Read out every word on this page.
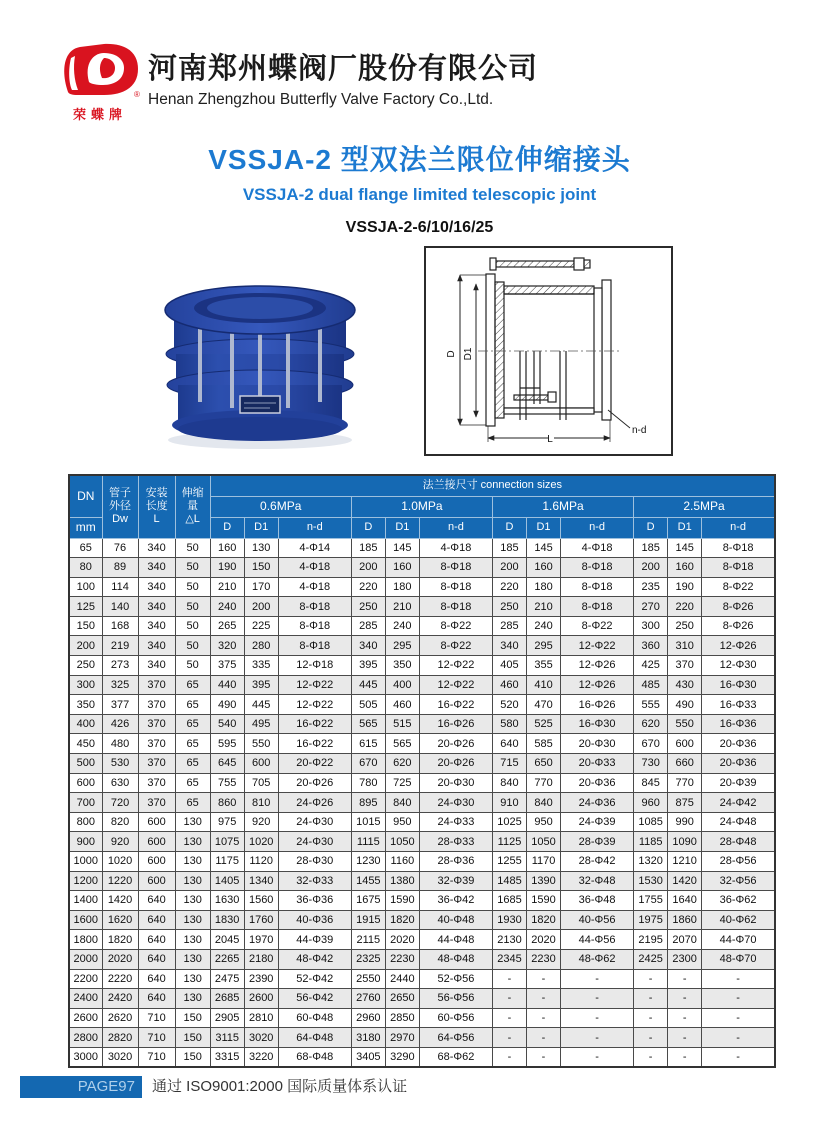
®
荣蝶牌
河南郑州蝶阀厂股份有限公司
Henan Zhengzhou Butterfly Valve Factory Co.,Ltd.
VSSJA-2 型双法兰限位伸缩接头
VSSJA-2 dual flange limited telescopic joint
VSSJA-2-6/10/16/25
D D1
L
n-d
DN	管子
外径
Dw

安装
长度
L

伸缩
量
△L
	法兰接尺寸 connection sizes
				0.6MPa			1.0MPa			1.6MPa			2.5MPa		
mm				D	D1	n-d	D	D1	n-d	D	D1	n-d	D	D1	n-d
65	76	340	50	160	130	4-Φ14	185	145	4-Φ18	185	145	4-Φ18	185	145	8-Φ18
80	89	340	50	190	150	4-Φ18	200	160	8-Φ18	200	160	8-Φ18	200	160	8-Φ18
100	114	340	50	210	170	4-Φ18	220	180	8-Φ18	220	180	8-Φ18	235	190	8-Φ22
125	140	340	50	240	200	8-Φ18	250	210	8-Φ18	250	210	8-Φ18	270	220	8-Φ26
150	168	340	50	265	225	8-Φ18	285	240	8-Φ22	285	240	8-Φ22	300	250	8-Φ26
200	219	340	50	320	280	8-Φ18	340	295	8-Φ22	340	295	12-Φ22	360	310	12-Φ26
250	273	340	50	375	335	12-Φ18	395	350	12-Φ22	405	355	12-Φ26	425	370	12-Φ30
300	325	370	65	440	395	12-Φ22	445	400	12-Φ22	460	410	12-Φ26	485	430	16-Φ30
350	377	370	65	490	445	12-Φ22	505	460	16-Φ22	520	470	16-Φ26	555	490	16-Φ33
400	426	370	65	540	495	16-Φ22	565	515	16-Φ26	580	525	16-Φ30	620	550	16-Φ36
450	480	370	65	595	550	16-Φ22	615	565	20-Φ26	640	585	20-Φ30	670	600	20-Φ36
500	530	370	65	645	600	20-Φ22	670	620	20-Φ26	715	650	20-Φ33	730	660	20-Φ36
600	630	370	65	755	705	20-Φ26	780	725	20-Φ30	840	770	20-Φ36	845	770	20-Φ39
700	720	370	65	860	810	24-Φ26	895	840	24-Φ30	910	840	24-Φ36	960	875	24-Φ42
800	820	600	130	975	920	24-Φ30	1015	950	24-Φ33	1025	950	24-Φ39	1085	990	24-Φ48
900	920	600	130	1075	1020	24-Φ30	1115	1050	28-Φ33	1125	1050	28-Φ39	1185	1090	28-Φ48
1000	1020	600	130	1175	1120	28-Φ30	1230	1160	28-Φ36	1255	1170	28-Φ42	1320	1210	28-Φ56
1200	1220	600	130	1405	1340	32-Φ33	1455	1380	32-Φ39	1485	1390	32-Φ48	1530	1420	32-Φ56
1400	1420	640	130	1630	1560	36-Φ36	1675	1590	36-Φ42	1685	1590	36-Φ48	1755	1640	36-Φ62
1600	1620	640	130	1830	1760	40-Φ36	1915	1820	40-Φ48	1930	1820	40-Φ56	1975	1860	40-Φ62
1800	1820	640	130	2045	1970	44-Φ39	2115	2020	44-Φ48	2130	2020	44-Φ56	2195	2070	44-Φ70
2000	2020	640	130	2265	2180	48-Φ42	2325	2230	48-Φ48	2345	2230	48-Φ62	2425	2300	48-Φ70
2200	2220	640	130	2475	2390	52-Φ42	2550	2440	52-Φ56	-	-	-	-	-	-
2400	2420	640	130	2685	2600	56-Φ42	2760	2650	56-Φ56	-	-	-	-	-	-
2600	2620	710	150	2905	2810	60-Φ48	2960	2850	60-Φ56	-	-	-	-	-	-
2800	2820	710	150	3115	3020	64-Φ48	3180	2970	64-Φ56	-	-	-	-	-	-
3000	3020	710	150	3315	3220	68-Φ48	3405	3290	68-Φ62	-	-	-	-	-	-
PAGE97	通过 ISO9001:2000 国际质量体系认证
